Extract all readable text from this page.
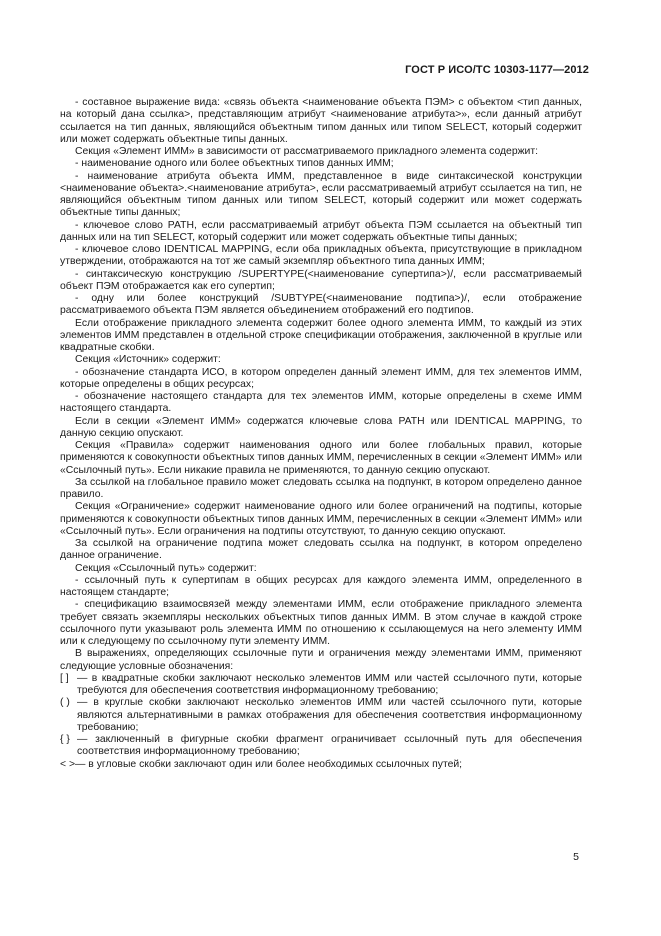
ГОСТ Р ИСО/ТС 10303-1177—2012

- составное выражение вида: «связь объекта <наименование объекта ПЭМ> с объектом <тип данных, на который дана ссылка>, представляющим атрибут <наименование атрибута>», если данный атрибут ссылается на тип данных, являющийся объектным типом данных или типом SELECT, который содержит или может содержать объектные типы данных.

Секция «Элемент ИММ» в зависимости от рассматриваемого прикладного элемента содержит:

- наименование одного или более объектных типов данных ИММ;

- наименование атрибута объекта ИММ, представленное в виде синтаксической конструкции <наименование объекта>.<наименование атрибута>, если рассматриваемый атрибут ссылается на тип, не являющийся объектным типом данных или типом SELECT, который содержит или может содержать объектные типы данных;

- ключевое слово PATH, если рассматриваемый атрибут объекта ПЭМ ссылается на объектный тип данных или на тип SELECT, который содержит или может содержать объектные типы данных;

- ключевое слово IDENTICAL MAPPING, если оба прикладных объекта, присутствующие в прикладном утверждении, отображаются на тот же самый экземпляр объектного типа данных ИММ;

- синтаксическую конструкцию /SUPERTYPE(<наименование супертипа>)/, если рассматриваемый объект ПЭМ отображается как его супертип;

- одну или более конструкций /SUBTYPE(<наименование подтипа>)/, если отображение рассматриваемого объекта ПЭМ является объединением отображений его подтипов.

Если отображение прикладного элемента содержит более одного элемента ИММ, то каждый из этих элементов ИММ представлен в отдельной строке спецификации отображения, заключенной в круглые или квадратные скобки.

Секция «Источник» содержит:

- обозначение стандарта ИСО, в котором определен данный элемент ИММ, для тех элементов ИММ, которые определены в общих ресурсах;

- обозначение настоящего стандарта для тех элементов ИММ, которые определены в схеме ИММ настоящего стандарта.

Если в секции «Элемент ИММ» содержатся ключевые слова PATH или IDENTICAL MAPPING, то данную секцию опускают.

Секция «Правила» содержит наименования одного или более глобальных правил, которые применяются к совокупности объектных типов данных ИММ, перечисленных в секции «Элемент ИММ» или «Ссылочный путь». Если никакие правила не применяются, то данную секцию опускают.

За ссылкой на глобальное правило может следовать ссылка на подпункт, в котором определено данное правило.

Секция «Ограничение» содержит наименование одного или более ограничений на подтипы, которые применяются к совокупности объектных типов данных ИММ, перечисленных в секции «Элемент ИММ» или «Ссылочный путь». Если ограничения на подтипы отсутствуют, то данную секцию опускают.

За ссылкой на ограничение подтипа может следовать ссылка на подпункт, в котором определено данное ограничение.

Секция «Ссылочный путь» содержит:

- ссылочный путь к супертипам в общих ресурсах для каждого элемента ИММ, определенного в настоящем стандарте;

- спецификацию взаимосвязей между элементами ИММ, если отображение прикладного элемента требует связать экземпляры нескольких объектных типов данных ИММ. В этом случае в каждой строке ссылочного пути указывают роль элемента ИММ по отношению к ссылающемуся на него элементу ИММ или к следующему по ссылочному пути элементу ИММ.

В выражениях, определяющих ссылочные пути и ограничения между элементами ИММ, применяют следующие условные обозначения:

[ ] — в квадратные скобки заключают несколько элементов ИММ или частей ссылочного пути, которые требуются для обеспечения соответствия информационному требованию;
( ) — в круглые скобки заключают несколько элементов ИММ или частей ссылочного пути, которые являются альтернативными в рамках отображения для обеспечения соответствия информационному требованию;
{ } — заключенный в фигурные скобки фрагмент ограничивает ссылочный путь для обеспечения соответствия информационному требованию;
< >— в угловые скобки заключают один или более необходимых ссылочных путей;
5
